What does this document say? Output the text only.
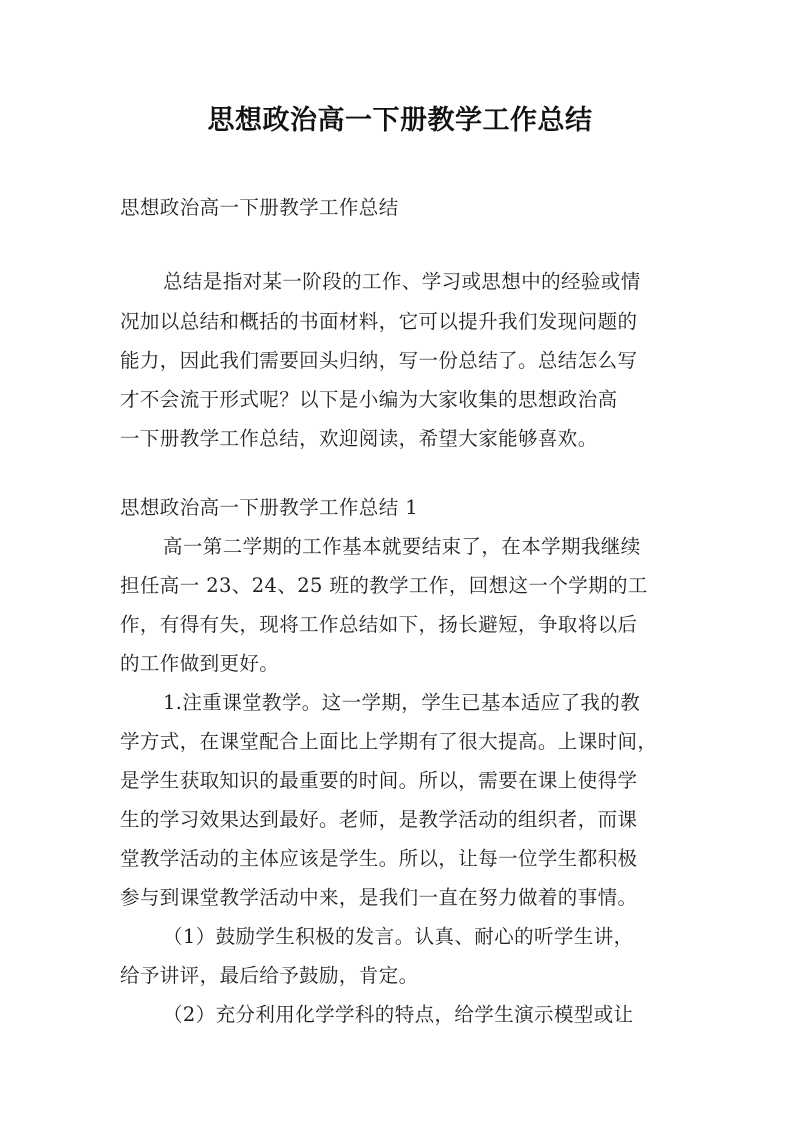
思想政治高一下册教学工作总结
思想政治高一下册教学工作总结
总结是指对某一阶段的工作、学习或思想中的经验或情
况加以总结和概括的书面材料，它可以提升我们发现问题的
能力，因此我们需要回头归纳，写一份总结了。总结怎么写
才不会流于形式呢？以下是小编为大家收集的思想政治高
一下册教学工作总结，欢迎阅读，希望大家能够喜欢。
思想政治高一下册教学工作总结 1
高一第二学期的工作基本就要结束了，在本学期我继续
担任高一 23、24、25 班的教学工作，回想这一个学期的工
作，有得有失，现将工作总结如下，扬长避短，争取将以后
的工作做到更好。
1.注重课堂教学。这一学期，学生已基本适应了我的教
学方式，在课堂配合上面比上学期有了很大提高。上课时间，
是学生获取知识的最重要的时间。所以，需要在课上使得学
生的学习效果达到最好。老师，是教学活动的组织者，而课
堂教学活动的主体应该是学生。所以，让每一位学生都积极
参与到课堂教学活动中来，是我们一直在努力做着的事情。
（1）鼓励学生积极的发言。认真、耐心的听学生讲，
给予讲评，最后给予鼓励，肯定。
（2）充分利用化学学科的特点，给学生演示模型或让
